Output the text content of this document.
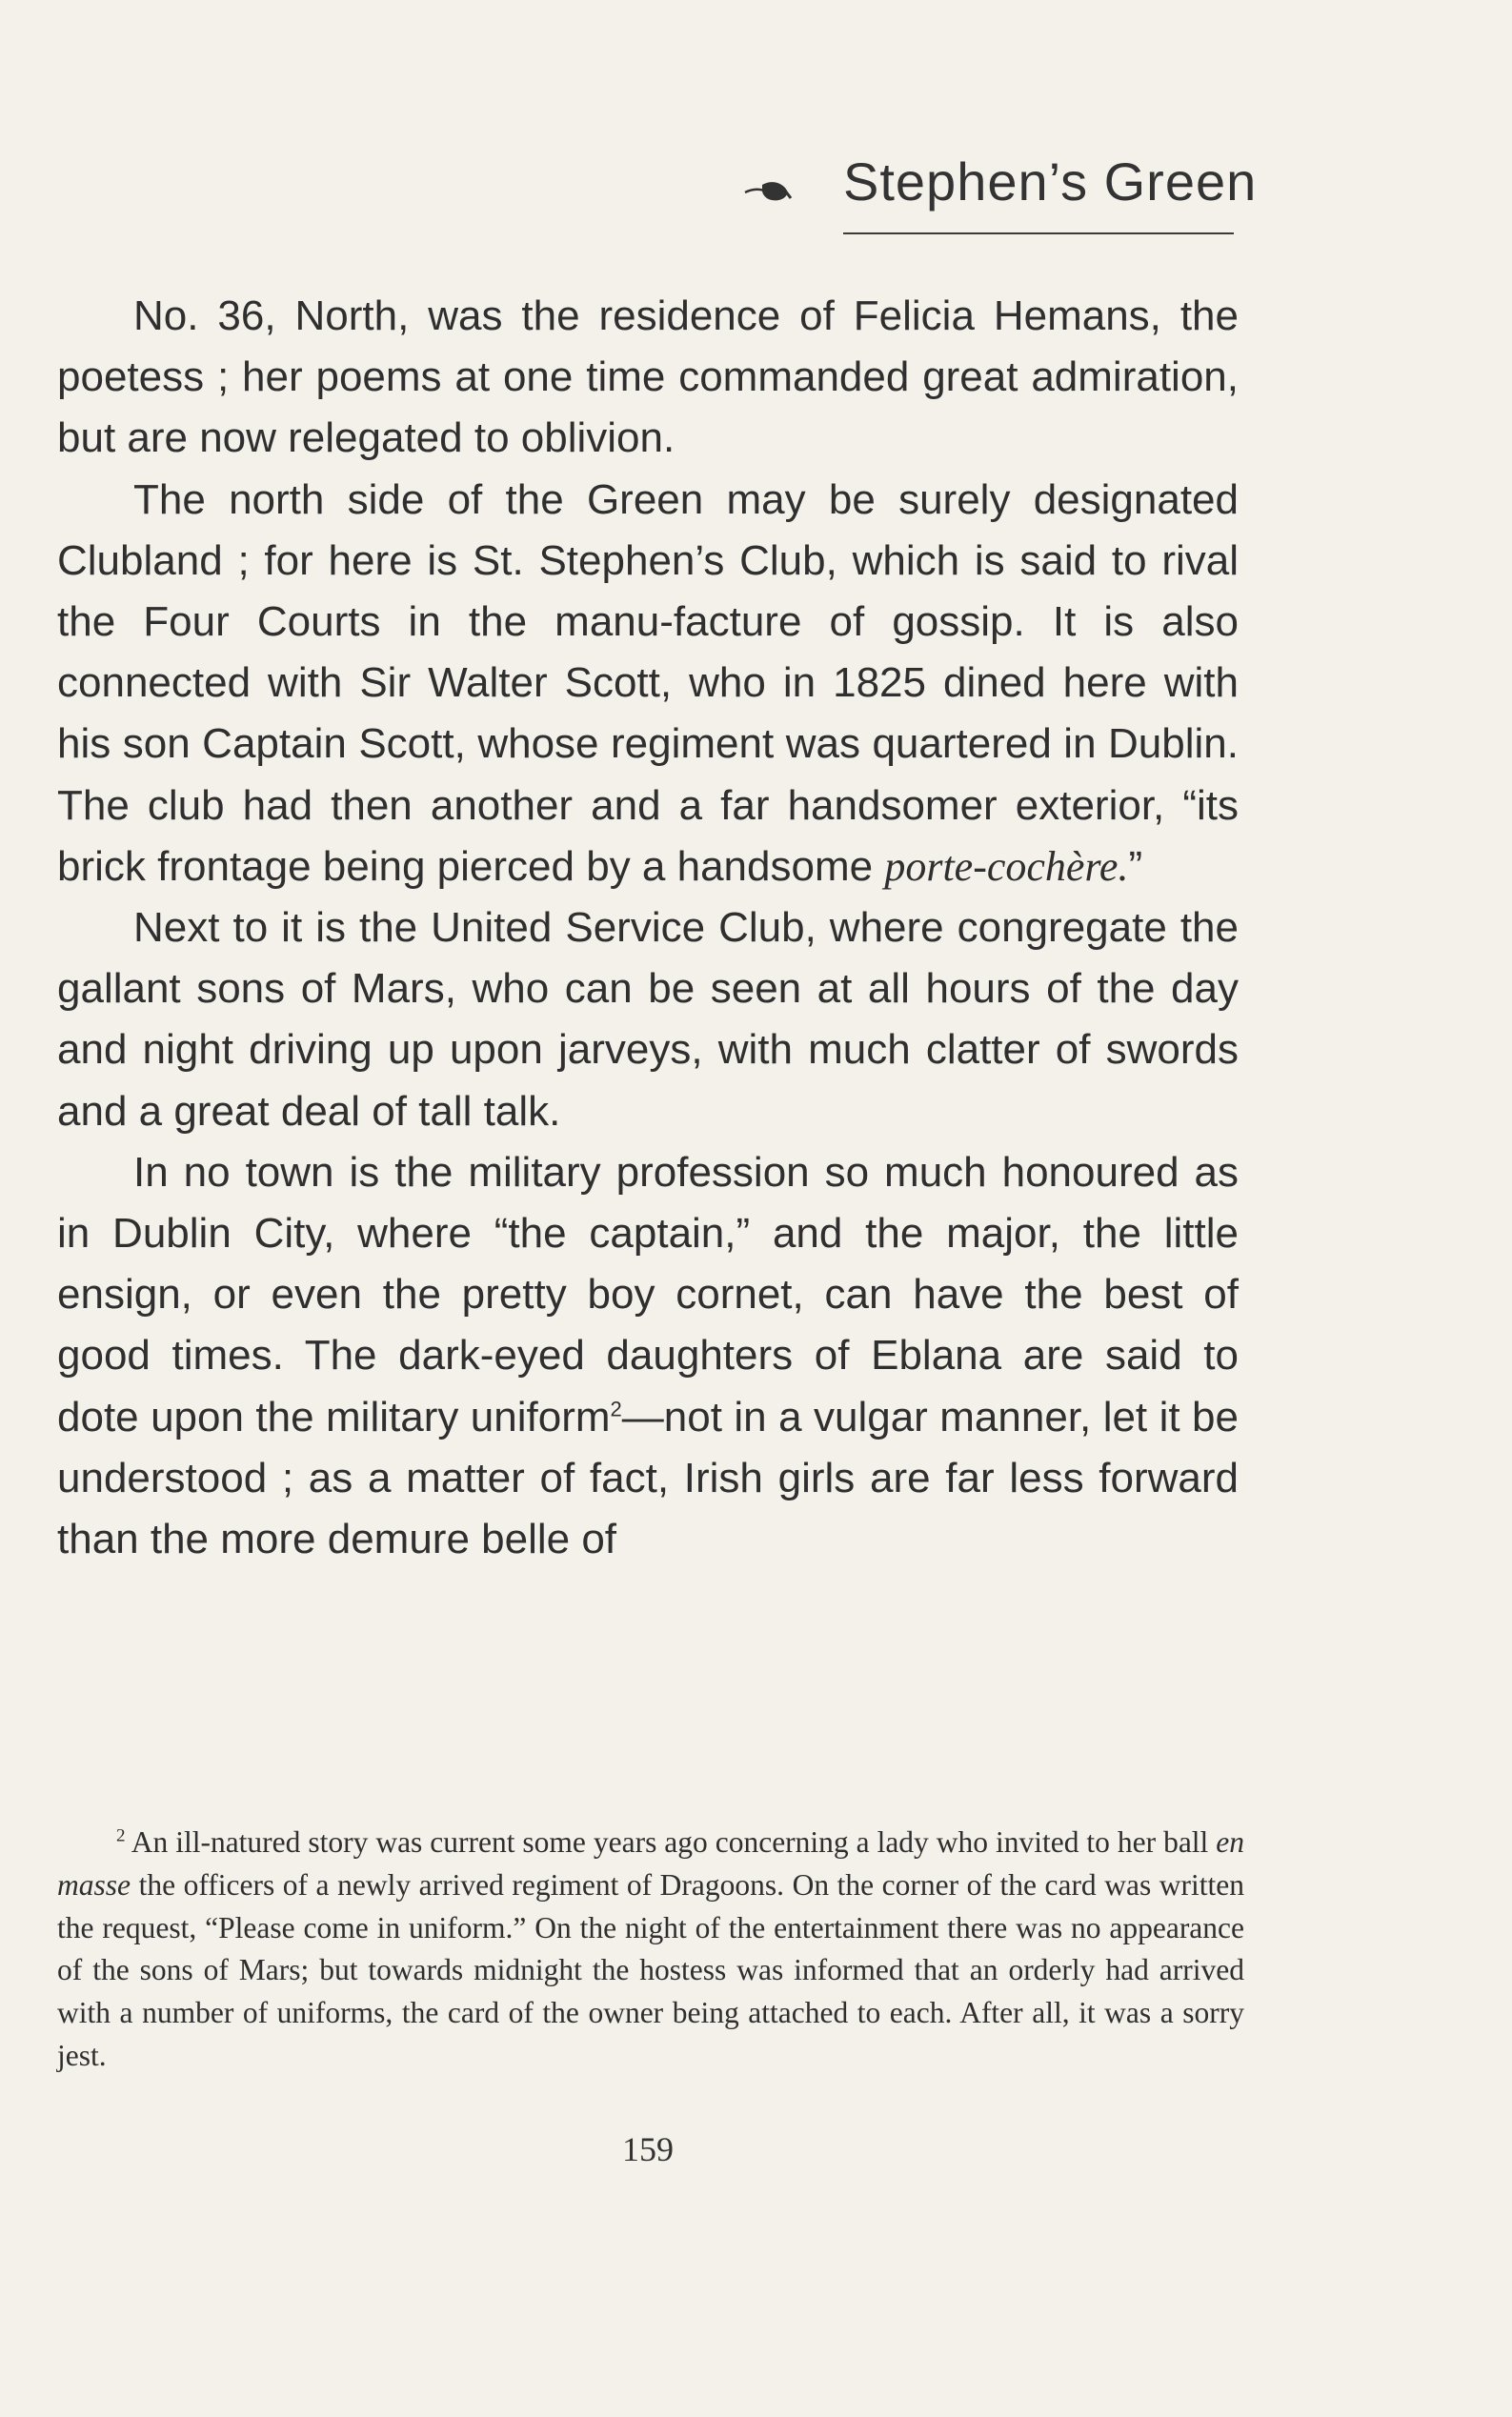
Stephen’s Green

No. 36, North, was the residence of Felicia Hemans, the poetess ; her poems at one time commanded great admiration, but are now relegated to oblivion.

The north side of the Green may be surely designated Clubland ; for here is St. Stephen’s Club, which is said to rival the Four Courts in the manu-facture of gossip. It is also connected with Sir Walter Scott, who in 1825 dined here with his son Captain Scott, whose regiment was quartered in Dublin. The club had then another and a far handsomer exterior, “its brick frontage being pierced by a handsome porte-cochère.”

Next to it is the United Service Club, where congregate the gallant sons of Mars, who can be seen at all hours of the day and night driving up upon jarveys, with much clatter of swords and a great deal of tall talk.

In no town is the military profession so much honoured as in Dublin City, where “the captain,” and the major, the little ensign, or even the pretty boy cornet, can have the best of good times. The dark-eyed daughters of Eblana are said to dote upon the military uniform$^2$—not in a vulgar manner, let it be understood ; as a matter of fact, Irish girls are far less forward than the more demure belle of

$^2$ An ill-natured story was current some years ago concerning a lady who invited to her ball en masse the officers of a newly arrived regiment of Dragoons. On the corner of the card was written the request, “Please come in uniform.” On the night of the entertainment there was no appearance of the sons of Mars; but towards midnight the hostess was informed that an orderly had arrived with a number of uniforms, the card of the owner being attached to each. After all, it was a sorry jest.

159
